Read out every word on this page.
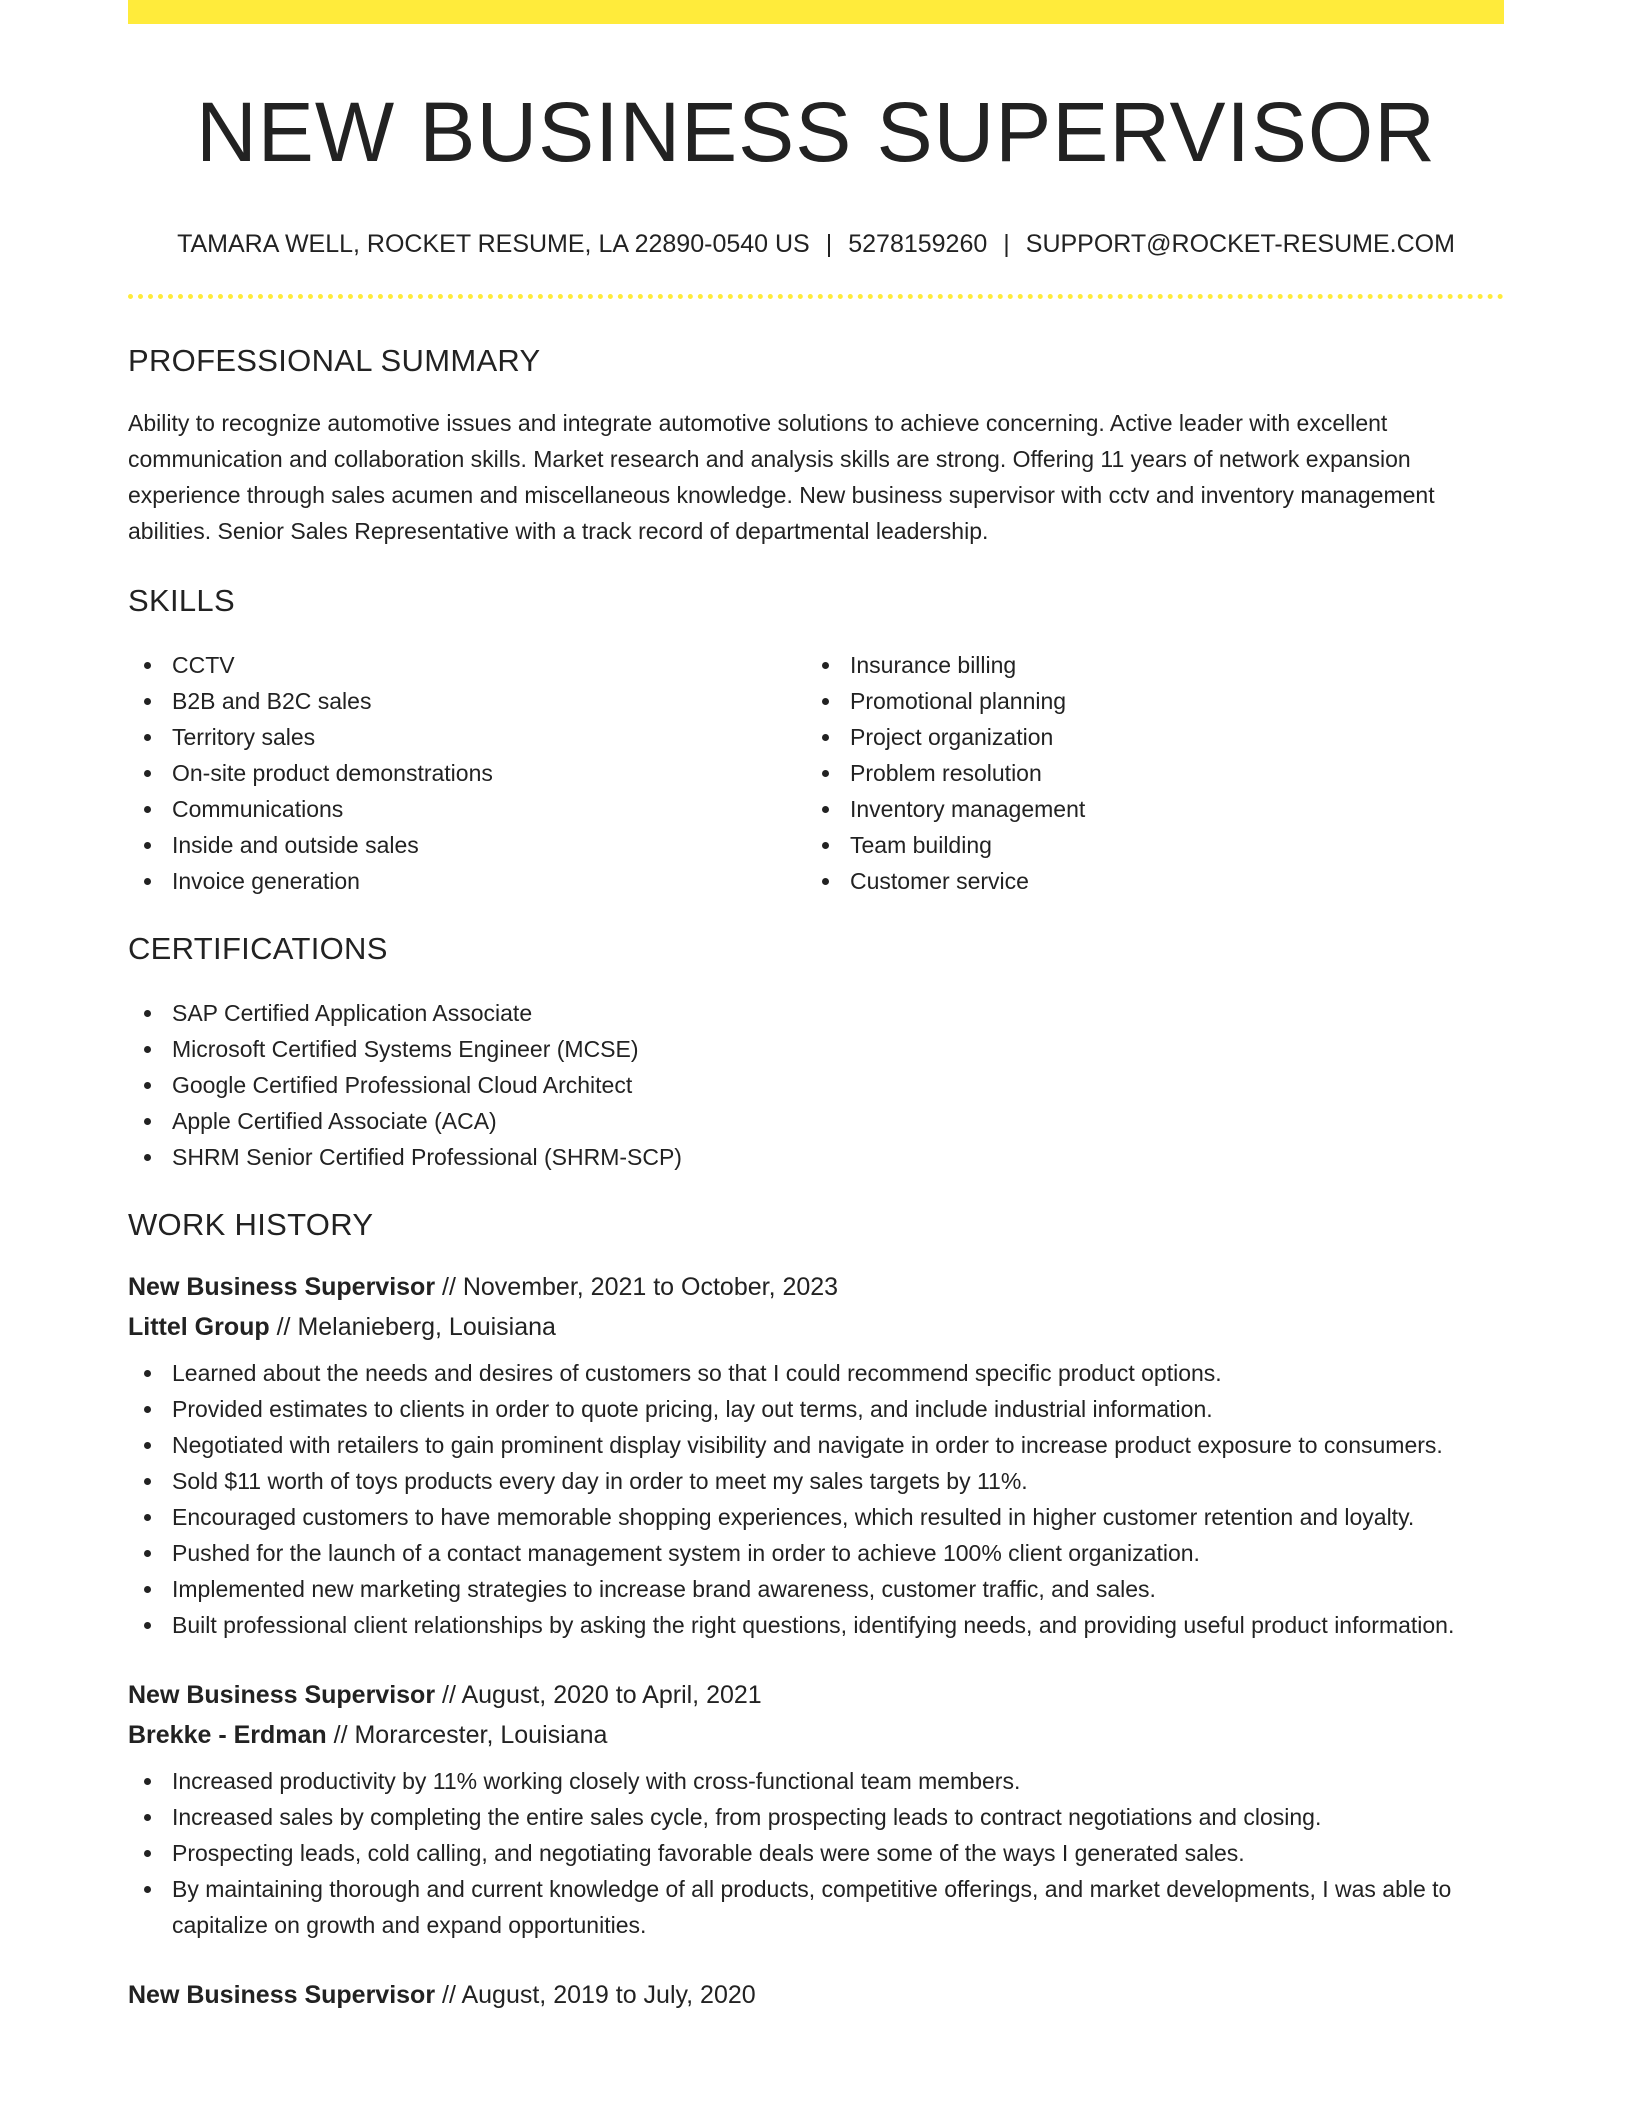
NEW BUSINESS SUPERVISOR
TAMARA WELL, ROCKET RESUME, LA 22890-0540 US | 5278159260 | SUPPORT@ROCKET-RESUME.COM
PROFESSIONAL SUMMARY

Ability to recognize automotive issues and integrate automotive solutions to achieve concerning. Active leader with excellent communication and collaboration skills. Market research and analysis skills are strong. Offering 11 years of network expansion experience through sales acumen and miscellaneous knowledge. New business supervisor with cctv and inventory management abilities. Senior Sales Representative with a track record of departmental leadership.

SKILLS
CCTV
B2B and B2C sales
Territory sales
On-site product demonstrations
Communications
Inside and outside sales
Invoice generation
Insurance billing
Promotional planning
Project organization
Problem resolution
Inventory management
Team building
Customer service
CERTIFICATIONS
SAP Certified Application Associate
Microsoft Certified Systems Engineer (MCSE)
Google Certified Professional Cloud Architect
Apple Certified Associate (ACA)
SHRM Senior Certified Professional (SHRM-SCP)
WORK HISTORY
New Business Supervisor // November, 2021 to October, 2023
Littel Group // Melanieberg, Louisiana
Learned about the needs and desires of customers so that I could recommend specific product options.
Provided estimates to clients in order to quote pricing, lay out terms, and include industrial information.
Negotiated with retailers to gain prominent display visibility and navigate in order to increase product exposure to consumers.
Sold $11 worth of toys products every day in order to meet my sales targets by 11%.
Encouraged customers to have memorable shopping experiences, which resulted in higher customer retention and loyalty.
Pushed for the launch of a contact management system in order to achieve 100% client organization.
Implemented new marketing strategies to increase brand awareness, customer traffic, and sales.
Built professional client relationships by asking the right questions, identifying needs, and providing useful product information.
New Business Supervisor // August, 2020 to April, 2021
Brekke - Erdman // Morarcester, Louisiana
Increased productivity by 11% working closely with cross-functional team members.
Increased sales by completing the entire sales cycle, from prospecting leads to contract negotiations and closing.
Prospecting leads, cold calling, and negotiating favorable deals were some of the ways I generated sales.
By maintaining thorough and current knowledge of all products, competitive offerings, and market developments, I was able to capitalize on growth and expand opportunities.
New Business Supervisor // August, 2019 to July, 2020
